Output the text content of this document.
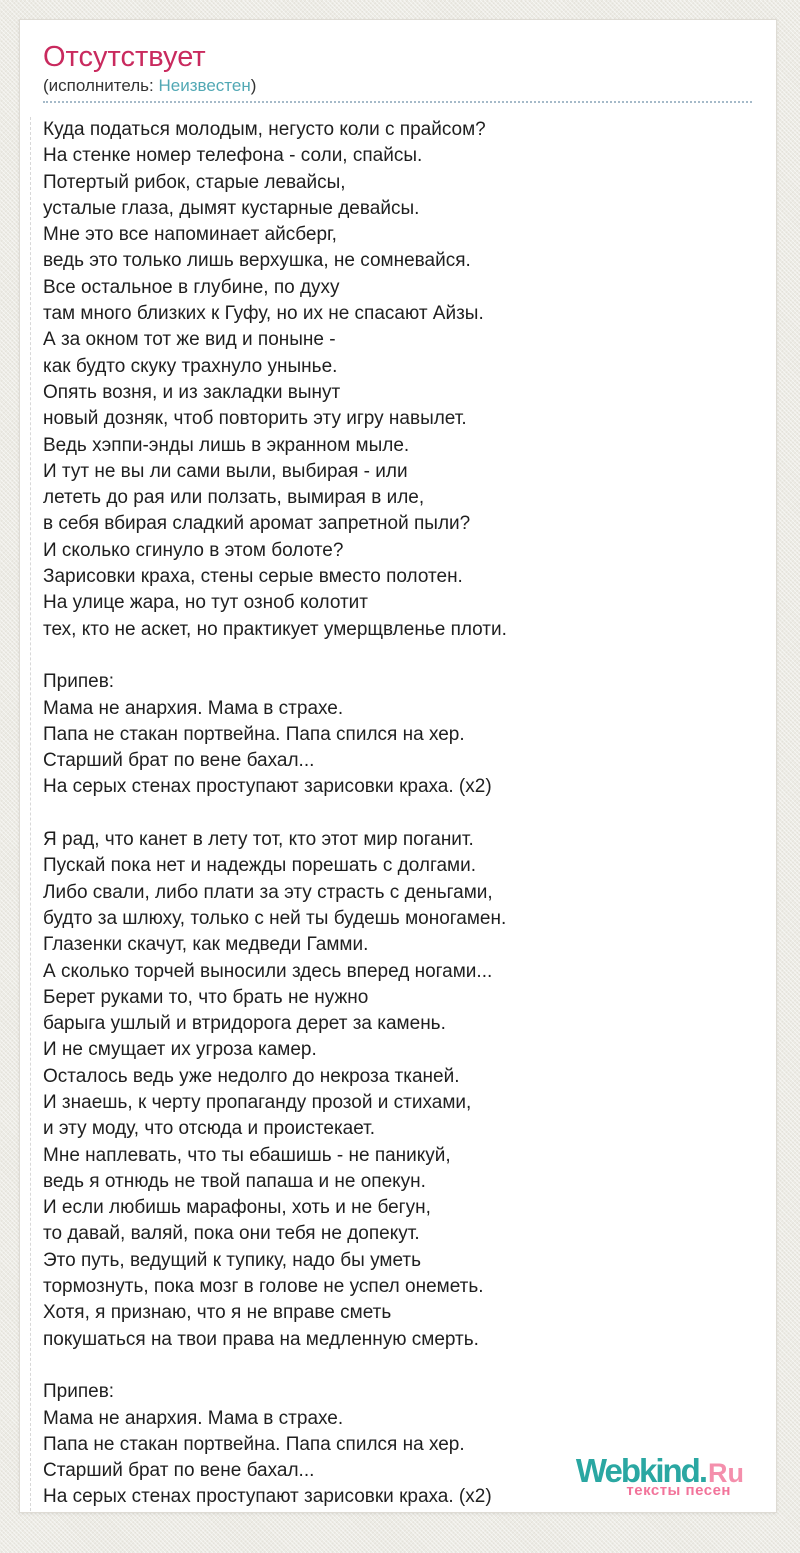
Отсутствует
(исполнитель: Неизвестен)
Куда податься молодым, негусто коли с прайсом?
На стенке номер телефона - соли, спайсы.
Потертый рибок, старые левайсы,
усталые глаза, дымят кустарные девайсы.
Мне это все напоминает айсберг,
ведь это только лишь верхушка, не сомневайся.
Все остальное в глубине, по духу
там много близких к Гуфу, но их не спасают Айзы.
А за окном тот же вид и поныне -
как будто скуку трахнуло унынье.
Опять возня, и из закладки вынут
новый дозняк, чтоб повторить эту игру навылет.
Ведь хэппи-энды лишь в экранном мыле.
И тут не вы ли сами выли, выбирая - или
лететь до рая или ползать, вымирая в иле,
в себя вбирая сладкий аромат запретной пыли?
И сколько сгинуло в этом болоте?
Зарисовки краха, стены серые вместо полотен.
На улице жара, но тут озноб колотит
тех, кто не аскет, но практикует умерщвленье плоти.

Припев:
Мама не анархия. Мама в страхе.
Папа не стакан портвейна. Папа спился на хер.
Старший брат по вене бахал...
На серых стенах проступают зарисовки краха. (x2)

Я рад, что канет в лету тот, кто этот мир поганит.
Пускай пока нет и надежды порешать с долгами.
Либо свали, либо плати за эту страсть с деньгами,
будто за шлюху, только с ней ты будешь моногамен.
Глазенки скачут, как медведи Гамми.
А сколько торчей выносили здесь вперед ногами...
Берет руками то, что брать не нужно
барыга ушлый и втридорога дерет за камень.
И не смущает их угроза камер.
Осталось ведь уже недолго до некроза тканей.
И знаешь, к черту пропаганду прозой и стихами,
и эту моду, что отсюда и проистекает.
Мне наплевать, что ты ебашишь - не паникуй,
ведь я отнюдь не твой папаша и не опекун.
И если любишь марафоны, хоть и не бегун,
то давай, валяй, пока они тебя не допекут.
Это путь, ведущий к тупику, надо бы уметь
тормознуть, пока мозг в голове не успел онеметь.
Хотя, я признаю, что я не вправе сметь
покушаться на твои права на медленную смерть.

Припев:
Мама не анархия. Мама в страхе.
Папа не стакан портвейна. Папа спился на хер.
Старший брат по вене бахал...
На серых стенах проступают зарисовки краха. (x2)
Webkind.Ru
тексты песен
